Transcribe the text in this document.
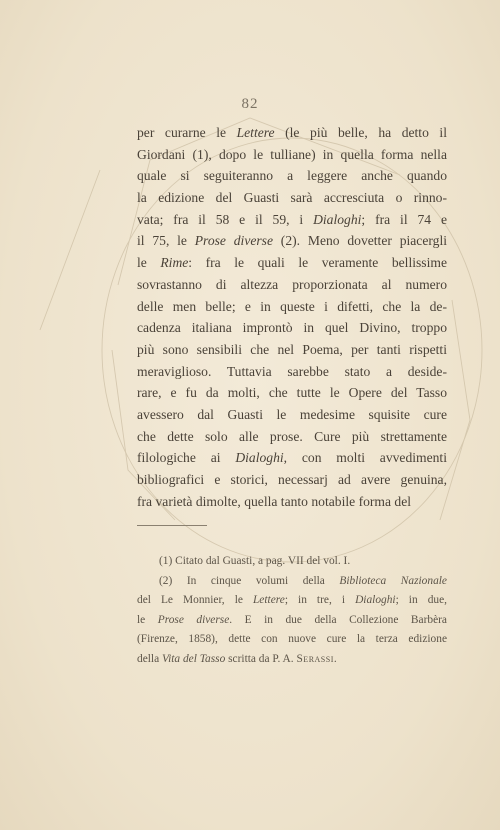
82
per curarne le Lettere (le più belle, ha detto il
Giordani (1), dopo le tulliane) in quella forma nella
quale si seguiteranno a leggere anche quando
la edizione del Guasti sarà accresciuta o rinno-
vata; fra il 58 e il 59, i Dialoghi; fra il 74 e
il 75, le Prose diverse (2). Meno dovetter piacergli
le Rime: fra le quali le veramente bellissime
sovrastanno di altezza proporzionata al numero
delle men belle; e in queste i difetti, che la de-
cadenza italiana improntò in quel Divino, troppo
più sono sensibili che nel Poema, per tanti rispetti
meraviglioso. Tuttavia sarebbe stato a deside-
rare, e fu da molti, che tutte le Opere del Tasso
avessero dal Guasti le medesime squisite cure
che dette solo alle prose. Cure più strettamente
filologiche ai Dialoghi, con molti avvedimenti
bibliografici e storici, necessarj ad avere genuina,
fra varietà dimolte, quella tanto notabile forma del
(1) Citato dal Guasti, a pag. VII del vol. I.
(2) In cinque volumi della Biblioteca Nazionale
del Le Monnier, le Lettere; in tre, i Dialoghi; in due,
le Prose diverse. E in due della Collezione Barbèra
(Firenze, 1858), dette con nuove cure la terza edizione
della Vita del Tasso scritta da P. A. Serassi.
